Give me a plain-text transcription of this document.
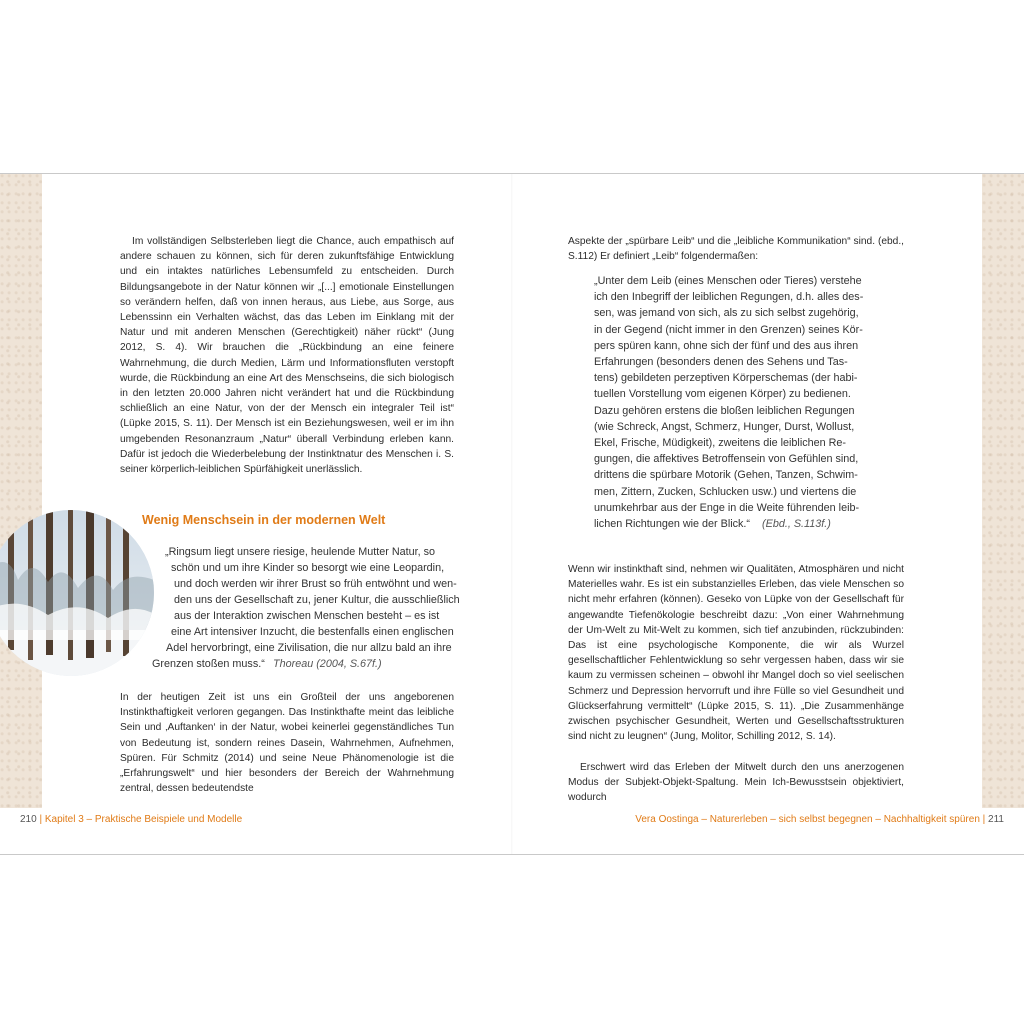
Im vollständigen Selbsterleben liegt die Chance, auch empathisch auf andere schauen zu können, sich für deren zukunftsfähige Entwicklung und ein intaktes natürliches Lebensumfeld zu entscheiden. Durch Bildungsangebote in der Natur können wir „[...] emotionale Einstellungen so verändern helfen, daß von innen heraus, aus Liebe, aus Sorge, aus Lebenssinn ein Verhalten wächst, das das Leben im Einklang mit der Natur und mit anderen Menschen (Gerechtigkeit) näher rückt“ (Jung 2012, S. 4). Wir brauchen die „Rückbindung an eine feinere Wahrnehmung, die durch Medien, Lärm und Informationsfluten verstopft wurde, die Rückbindung an eine Art des Menschseins, die sich biologisch in den letzten 20.000 Jahren nicht verändert hat und die Rückbindung schließlich an eine Natur, von der der Mensch ein integraler Teil ist“ (Lüpke 2015, S. 11). Der Mensch ist ein Beziehungswesen, weil er im ihn umgebenden Resonanzraum „Natur“ überall Verbindung erleben kann. Dafür ist jedoch die Wiederbelebung der Instinktnatur des Menschen i. S. seiner körperlich-leiblichen Spürfähigkeit unerlässlich.

Wenig Menschsein in der modernen Welt

„Ringsum liegt unsere riesige, heulende Mutter Natur, so

schön und um ihre Kinder so besorgt wie eine Leopardin,

und doch werden wir ihrer Brust so früh entwöhnt und wen-

den uns der Gesellschaft zu, jener Kultur, die ausschließlich

aus der Interaktion zwischen Menschen besteht – es ist

eine Art intensiver Inzucht, die bestenfalls einen englischen

Adel hervorbringt, eine Zivilisation, die nur allzu bald an ihre

Grenzen stoßen muss.“ Thoreau (2004, S.67f.)

In der heutigen Zeit ist uns ein Großteil der uns angeborenen Instinkthaftigkeit verloren gegangen. Das Instinkthafte meint das leibliche Sein und ‚Auftanken‘ in der Natur, wobei keinerlei gegenständliches Tun von Bedeutung ist, sondern reines Dasein, Wahrnehmen, Aufnehmen, Spüren. Für Schmitz (2014) und seine Neue Phänomenologie ist die „Erfahrungswelt“ und hier besonders der Bereich der Wahrnehmung zentral, dessen bedeutendste

210 | Kapitel 3 – Praktische Beispiele und Modelle

Aspekte der „spürbare Leib“ und die „leibliche Kommunikation“ sind. (ebd., S.112) Er definiert „Leib“ folgendermaßen:

„Unter dem Leib (eines Menschen oder Tieres) verstehe

ich den Inbegriff der leiblichen Regungen, d.h. alles des-

sen, was jemand von sich, als zu sich selbst zugehörig,

in der Gegend (nicht immer in den Grenzen) seines Kör-

pers spüren kann, ohne sich der fünf und des aus ihren

Erfahrungen (besonders denen des Sehens und Tas-

tens) gebildeten perzeptiven Körperschemas (der habi-

tuellen Vorstellung vom eigenen Körper) zu bedienen.

Dazu gehören erstens die bloßen leiblichen Regungen

(wie Schreck, Angst, Schmerz, Hunger, Durst, Wollust,

Ekel, Frische, Müdigkeit), zweitens die leiblichen Re-

gungen, die affektives Betroffensein von Gefühlen sind,

drittens die spürbare Motorik (Gehen, Tanzen, Schwim-

men, Zittern, Zucken, Schlucken usw.) und viertens die

unumkehrbar aus der Enge in die Weite führenden leib-

lichen Richtungen wie der Blick.“ (Ebd., S.113f.)

Wenn wir instinkthaft sind, nehmen wir Qualitäten, Atmosphären und nicht Materielles wahr. Es ist ein substanzielles Erleben, das viele Menschen so nicht mehr erfahren (können). Geseko von Lüpke von der Gesellschaft für angewandte Tiefenökologie beschreibt dazu: „Von einer Wahrnehmung der Um-Welt zu Mit-Welt zu kommen, sich tief anzubinden, rückzubinden: Das ist eine psychologische Komponente, die wir als Wurzel gesellschaftlicher Fehlentwicklung so sehr vergessen haben, dass wir sie kaum zu vermissen scheinen – obwohl ihr Mangel doch so viel seelischen Schmerz und Depression hervorruft und ihre Fülle so viel Gesundheit und Glückserfahrung vermittelt“ (Lüpke 2015, S. 11). „Die Zusammenhänge zwischen psychischer Gesundheit, Werten und Gesellschaftsstrukturen sind nicht zu leugnen“ (Jung, Molitor, Schilling 2012, S. 14).

Erschwert wird das Erleben der Mitwelt durch den uns anerzogenen Modus der Subjekt-Objekt-Spaltung. Mein Ich-Bewusstsein objektiviert, wodurch

Vera Oostinga – Naturerleben – sich selbst begegnen – Nachhaltigkeit spüren | 211
